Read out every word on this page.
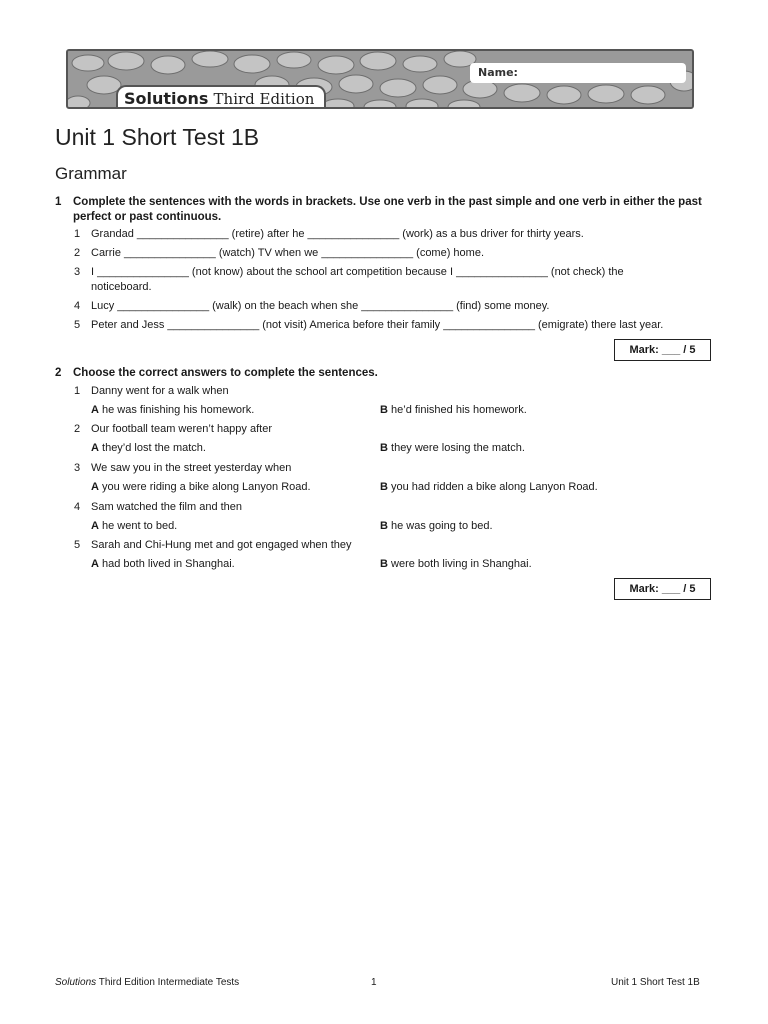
Solutions Third Edition
Name:
Unit 1 Short Test 1B
Grammar
1 Complete the sentences with the words in brackets. Use one verb in the past simple and one verb in either the past perfect or past continuous.
1 Grandad _______________ (retire) after he _______________ (work) as a bus driver for thirty years.
2 Carrie _______________ (watch) TV when we _______________ (come) home.
3 I _______________ (not know) about the school art competition because I _______________ (not check) the noticeboard.
4 Lucy _______________ (walk) on the beach when she _______________ (find) some money.
5 Peter and Jess _______________ (not visit) America before their family _______________ (emigrate) there last year.
Mark: ___ / 5
2 Choose the correct answers to complete the sentences.
1 Danny went for a walk when
A he was finishing his homework.	B he’d finished his homework.
2 Our football team weren’t happy after
A they’d lost the match.	B they were losing the match.
3 We saw you in the street yesterday when
A you were riding a bike along Lanyon Road.	B you had ridden a bike along Lanyon Road.
4 Sam watched the film and then
A he went to bed.	B he was going to bed.
5 Sarah and Chi-Hung met and got engaged when they
A had both lived in Shanghai.	B were both living in Shanghai.
Mark: ___ / 5
Solutions Third Edition Intermediate Tests	1	Unit 1 Short Test 1B
